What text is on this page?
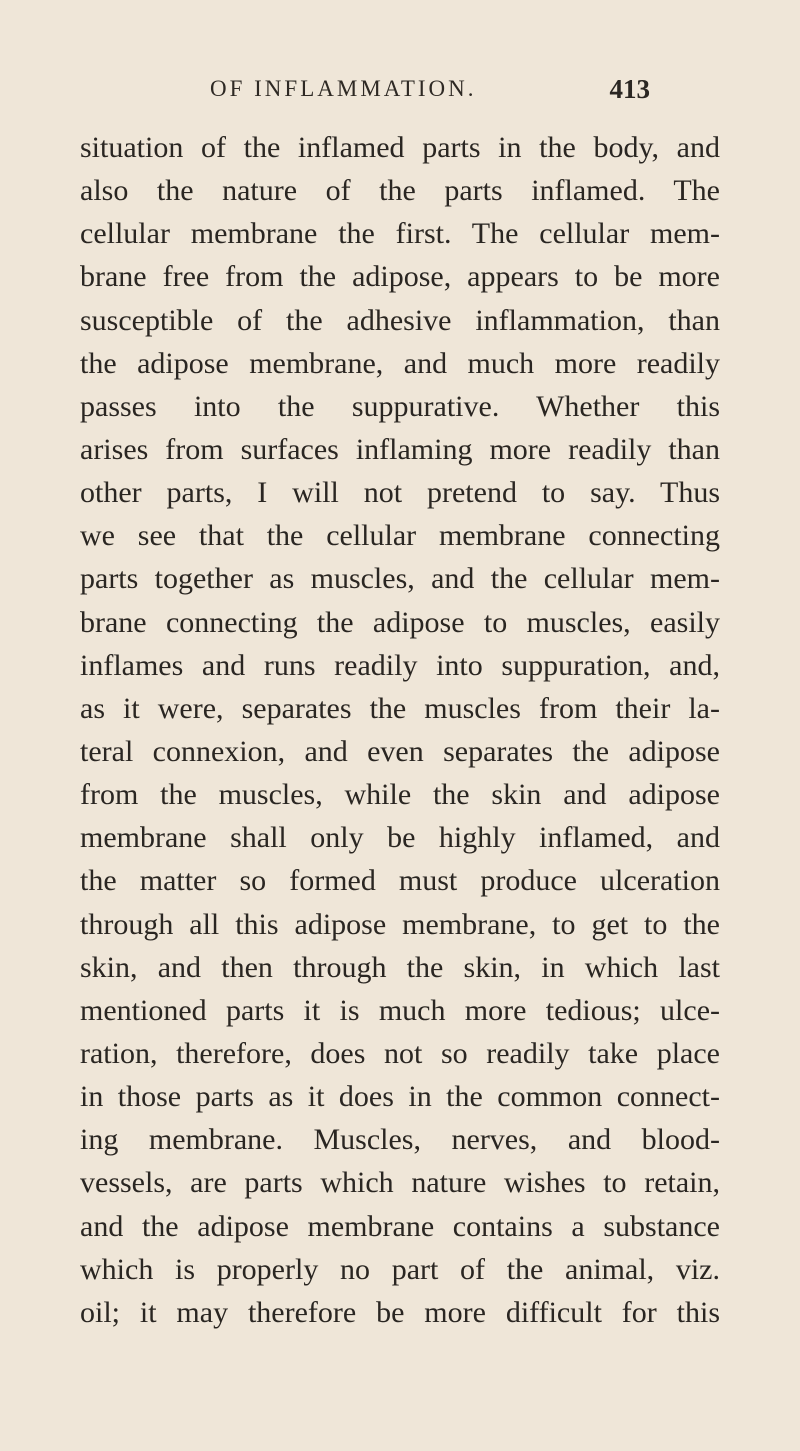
OF INFLAMMATION.	413
situation of the inflamed parts in the body, and
also the nature of the parts inflamed. The
cellular membrane the first. The cellular mem-
brane free from the adipose, appears to be more
susceptible of the adhesive inflammation, than
the adipose membrane, and much more readily
passes into the suppurative. Whether this
arises from surfaces inflaming more readily than
other parts, I will not pretend to say. Thus
we see that the cellular membrane connecting
parts together as muscles, and the cellular mem-
brane connecting the adipose to muscles, easily
inflames and runs readily into suppuration, and,
as it were, separates the muscles from their la-
teral connexion, and even separates the adipose
from the muscles, while the skin and adipose
membrane shall only be highly inflamed, and
the matter so formed must produce ulceration
through all this adipose membrane, to get to the
skin, and then through the skin, in which last
mentioned parts it is much more tedious; ulce-
ration, therefore, does not so readily take place
in those parts as it does in the common connect-
ing membrane. Muscles, nerves, and blood-
vessels, are parts which nature wishes to retain,
and the adipose membrane contains a substance
which is properly no part of the animal, viz.
oil; it may therefore be more difficult for this
